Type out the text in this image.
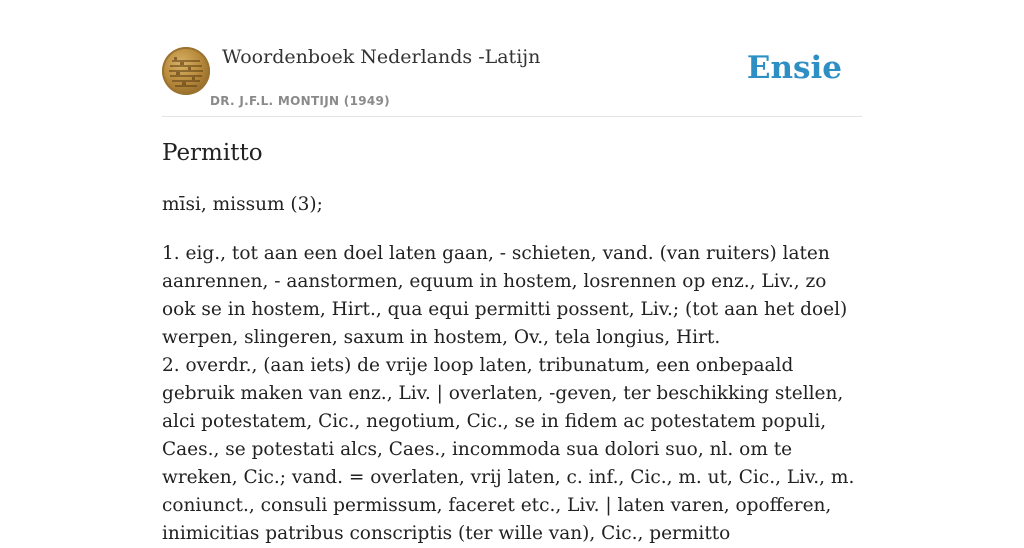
Woordenboek Nederlands -Latijn
DR. J.F.L. MONTIJN (1949)
Ensie
Permitto
mīsi, missum (3);

1. eig., tot aan een doel laten gaan, - schieten, vand. (van ruiters) laten aanrennen, - aanstormen, equum in hostem, losrennen op enz., Liv., zo ook se in hostem, Hirt., qua equi permitti possent, Liv.; (tot aan het doel) werpen, slingeren, saxum in hostem, Ov., tela longius, Hirt.

2. overdr., (aan iets) de vrije loop laten, tribunatum, een onbepaald gebruik maken van enz., Liv. | overlaten, -geven, ter beschikking stellen, alci potestatem, Cic., negotium, Cic., se in fidem ac potestatem populi, Caes., se potestati alcs, Caes., incommoda sua dolori suo, nl. om te wreken, Cic.; vand. = overlaten, vrij laten, c. inf., Cic., m. ut, Cic., Liv., m. coniunct., consuli permissum, faceret etc., Liv. | laten varen, opofferen, inimicitias patribus conscriptis (ter wille van), Cic., permitto
